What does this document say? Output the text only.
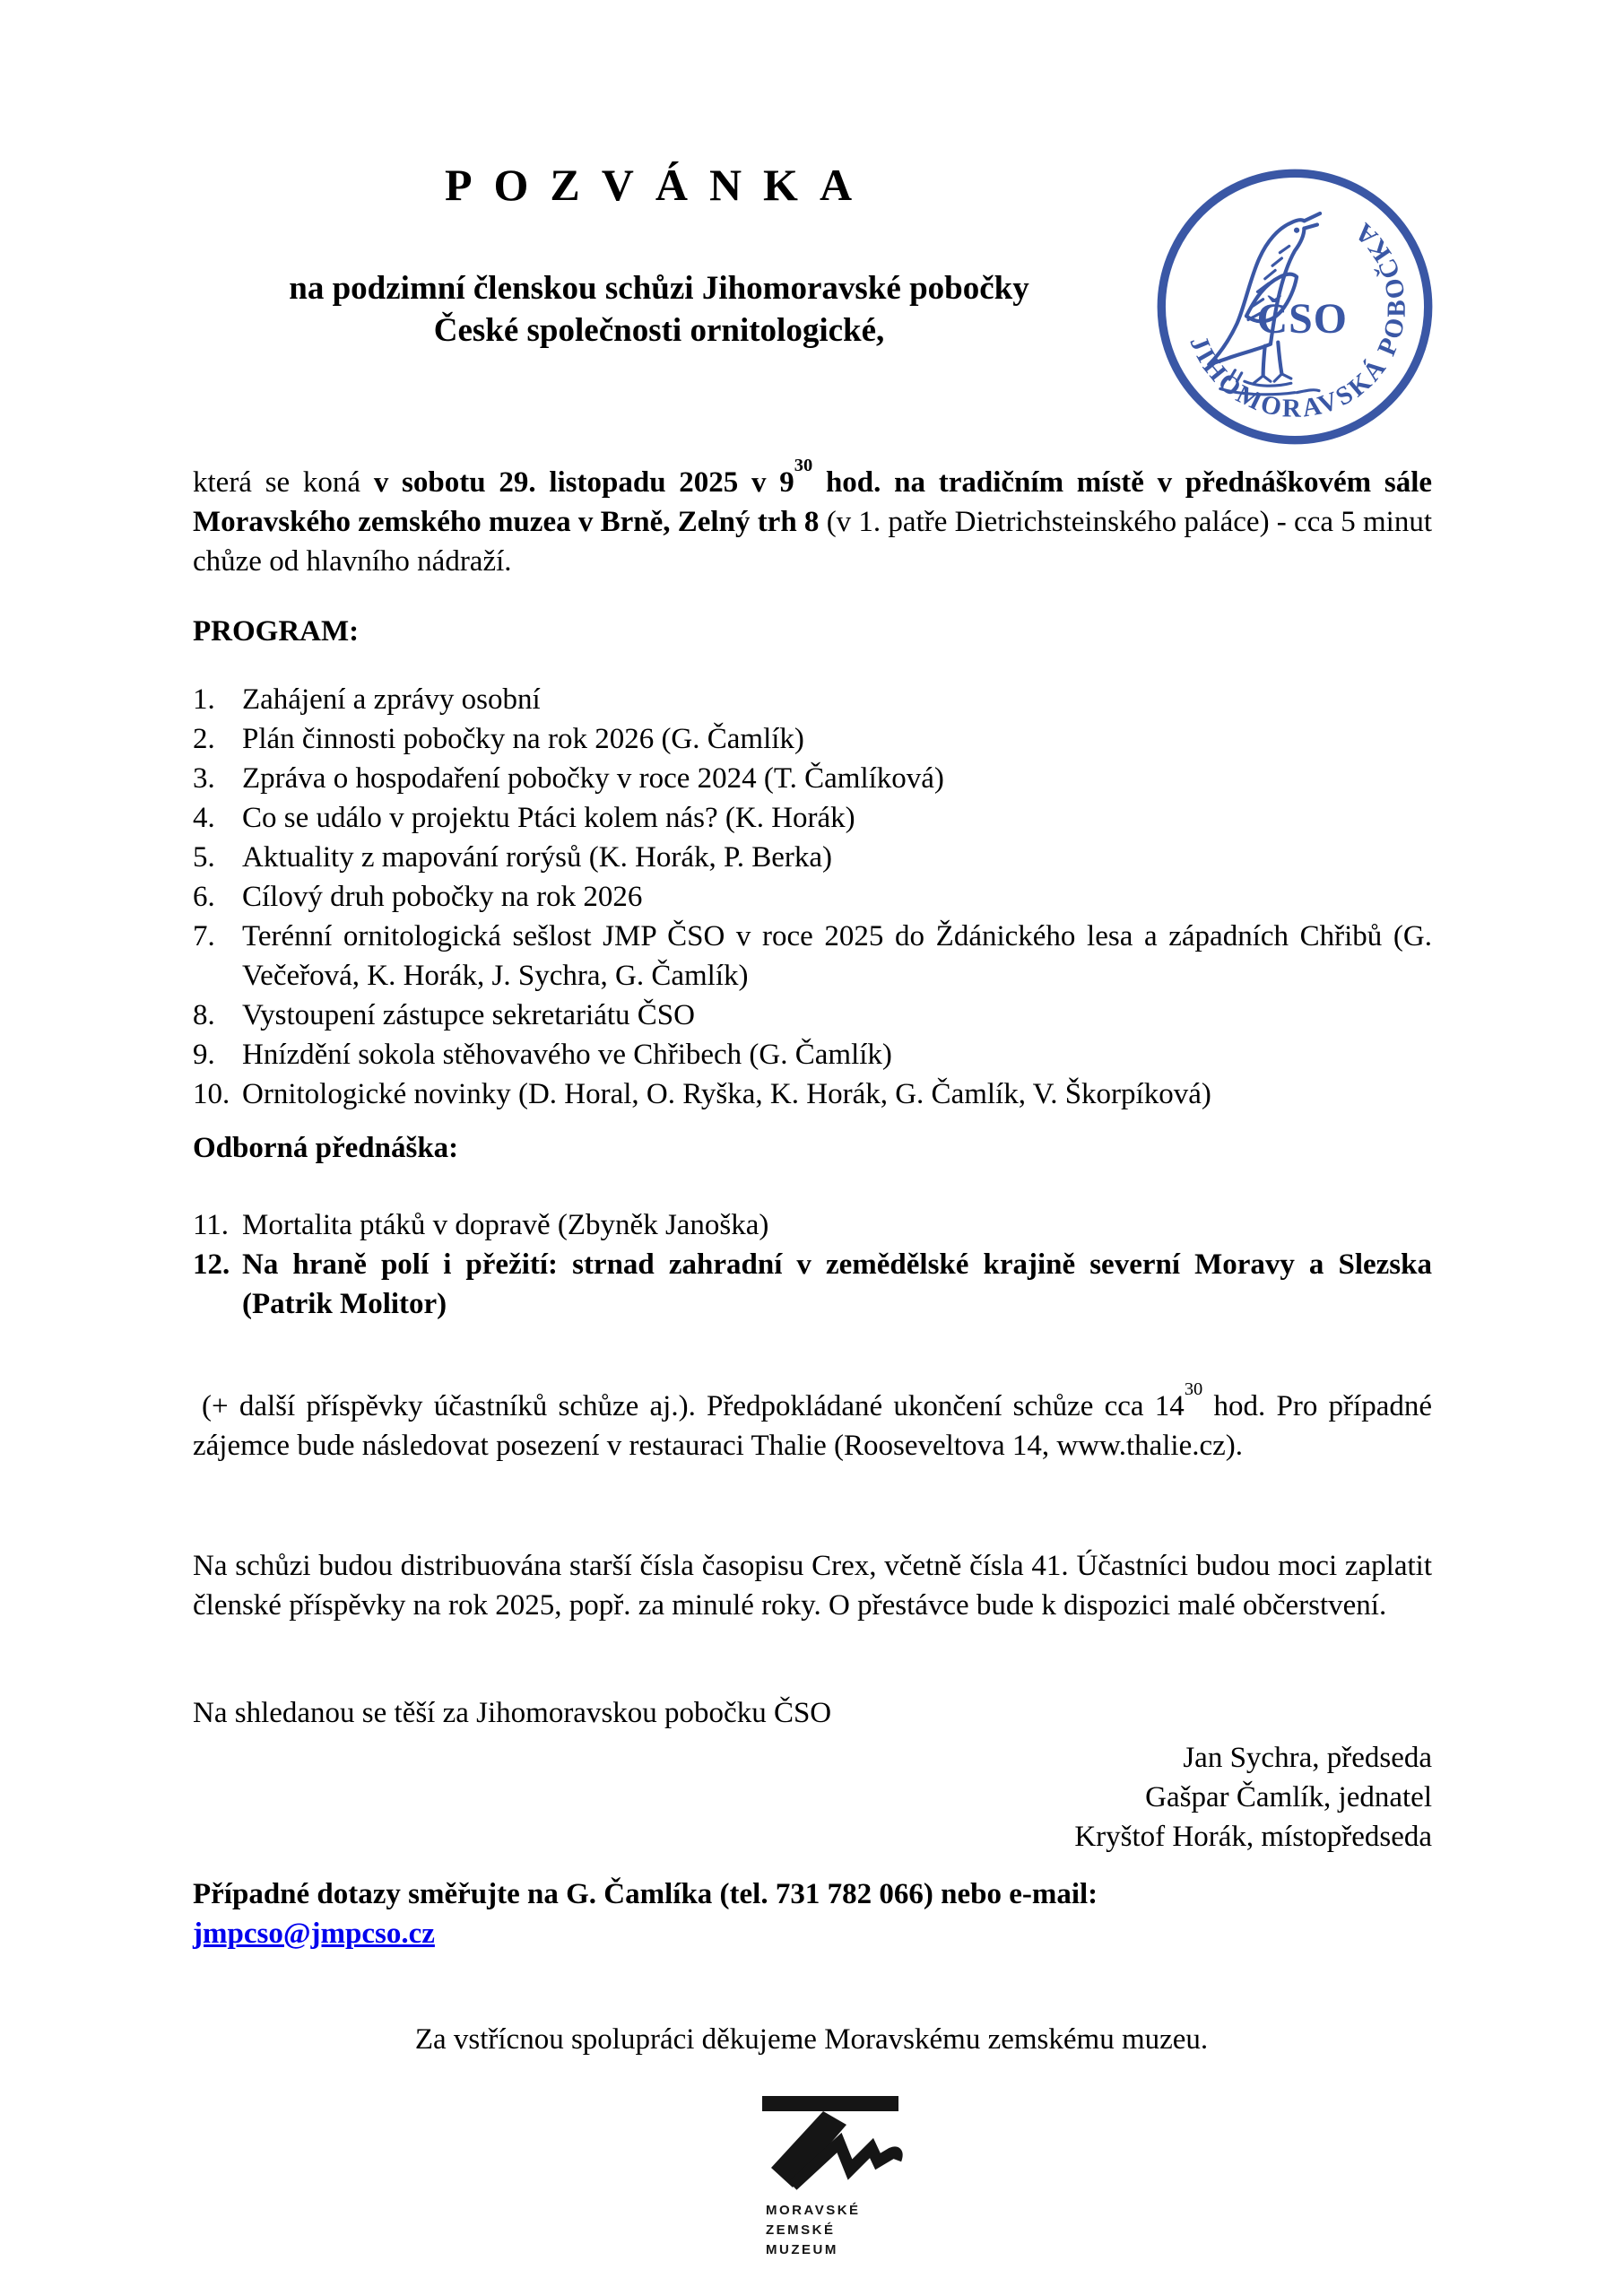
POZVÁNKA
na podzimní členskou schůzi Jihomoravské pobočky
České společnosti ornitologické,	ČSO
JIHOMORAVSKÁ POBOČKA

která se koná v sobotu 29. listopadu 2025 v $9^{30}$ hod. na tradičním místě v přednáškovém sále Moravského zemského muzea v Brně, Zelný trh 8 (v 1. patře Dietrichsteinského paláce) - cca 5 minut chůze od hlavního nádraží.

PROGRAM:
1. Zahájení a zprávy osobní
2. Plán činnosti pobočky na rok 2026 (G. Čamlík)
3. Zpráva o hospodaření pobočky v roce 2024 (T. Čamlíková)
4. Co se událo v projektu Ptáci kolem nás? (K. Horák)
5. Aktuality z mapování rorýsů (K. Horák, P. Berka)
6. Cílový druh pobočky na rok 2026
7. Terénní ornitologická sešlost JMP ČSO v roce 2025 do Ždánického lesa a západních Chřibů (G. Večeřová, K. Horák, J. Sychra, G. Čamlík)
8. Vystoupení zástupce sekretariátu ČSO
9. Hnízdění sokola stěhovavého ve Chřibech (G. Čamlík)
10. Ornitologické novinky (D. Horal, O. Ryška, K. Horák, G. Čamlík, V. Škorpíková)
Odborná přednáška:
11. Mortalita ptáků v dopravě (Zbyněk Janoška)
12. Na hraně polí i přežití: strnad zahradní v zemědělské krajině severní Moravy a Slezska (Patrik Molitor)

(+ další příspěvky účastníků schůze aj.). Předpokládané ukončení schůze cca $14^{30}$ hod. Pro případné zájemce bude následovat posezení v restauraci Thalie (Rooseveltova 14, www.thalie.cz).

Na schůzi budou distribuována starší čísla časopisu Crex, včetně čísla 41. Účastníci budou moci zaplatit členské příspěvky na rok 2025, popř. za minulé roky. O přestávce bude k dispozici malé občerstvení.

Na shledanou se těší za Jihomoravskou pobočku ČSO
Jan Sychra, předseda
Gašpar Čamlík, jednatel
Kryštof Horák, místopředseda
Případné dotazy směřujte na G. Čamlíka (tel. 731 782 066) nebo e-mail:
jmpcso@jmpcso.cz
Za vstřícnou spolupráci děkujeme Moravskému zemskému muzeu.
MORAVSKÉ
ZEMSKÉ
MUZEUM
